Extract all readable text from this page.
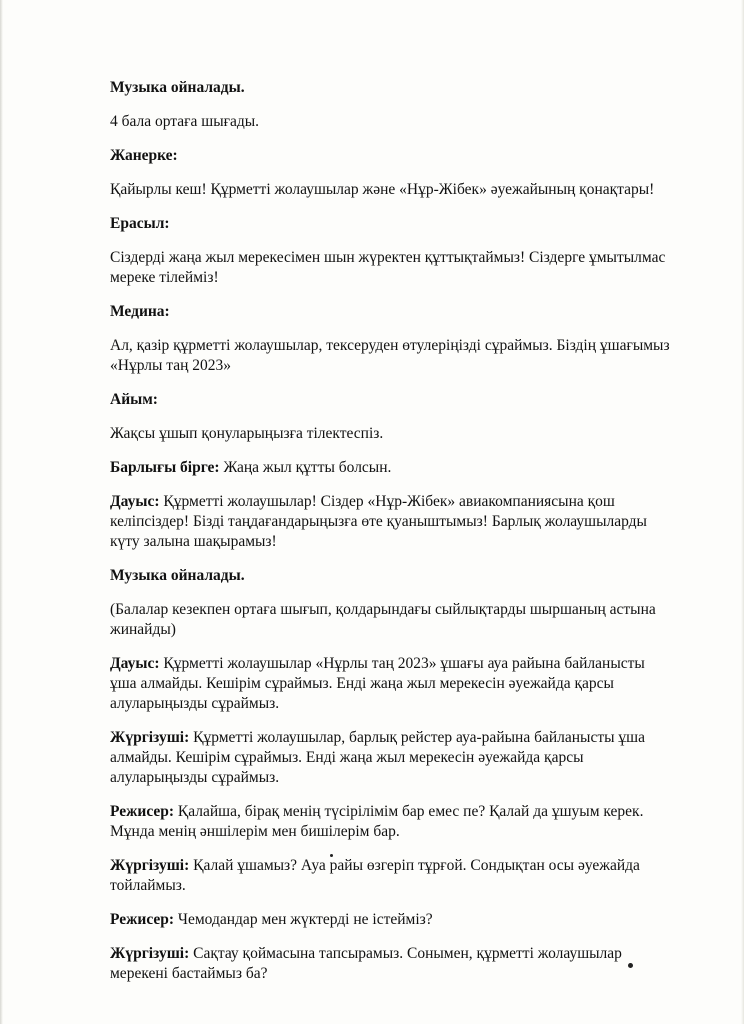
Музыка ойналады.

4 бала ортаға шығады.

Жанерке:

Қайырлы кеш! Құрметті жолаушылар және «Нұр-Жібек» әуежайының қонақтары!

Ерасыл:

Сіздерді жаңа жыл мерекесімен шын жүректен құттықтаймыз! Сіздерге ұмытылмас мереке тілейміз!

Медина:

Ал, қазір құрметті жолаушылар, тексеруден өтулеріңізді сұраймыз. Біздің ұшағымыз «Нұрлы таң 2023»

Айым:

Жақсы ұшып қонуларыңызға тілектеспіз.

Барлығы бірге: Жаңа жыл құтты болсын.

Дауыс: Құрметті жолаушылар! Сіздер «Нұр-Жібек» авиакомпаниясына қош келіпсіздер! Бізді таңдағандарыңызға өте қуаныштымыз! Барлық жолаушыларды күту залына шақырамыз!

Музыка ойналады.

(Балалар кезекпен ортаға шығып, қолдарындағы сыйлықтарды шыршаның астына жинайды)

Дауыс: Құрметті жолаушылар «Нұрлы таң 2023» ұшағы ауа райына байланысты ұша алмайды. Кешірім сұраймыз. Енді жаңа жыл мерекесін әуежайда қарсы алуларыңызды сұраймыз.

Жүргізуші: Құрметті жолаушылар, барлық рейстер ауа-райына байланысты ұша алмайды. Кешірім сұраймыз. Енді жаңа жыл мерекесін әуежайда қарсы алуларыңызды сұраймыз.

Режисер: Қалайша, бірақ менің түсірілімім бар емес пе? Қалай да ұшуым керек. Мұнда менің әншілерім мен бишілерім бар.

Жүргізуші: Қалай ұшамыз? Ауа райы өзгеріп тұрғой. Сондықтан осы әуежайда тойлаймыз.

Режисер: Чемодандар мен жүктерді не істейміз?

Жүргізуші: Сақтау қоймасына тапсырамыз. Сонымен, құрметті жолаушылар мерекені бастаймыз ба?
